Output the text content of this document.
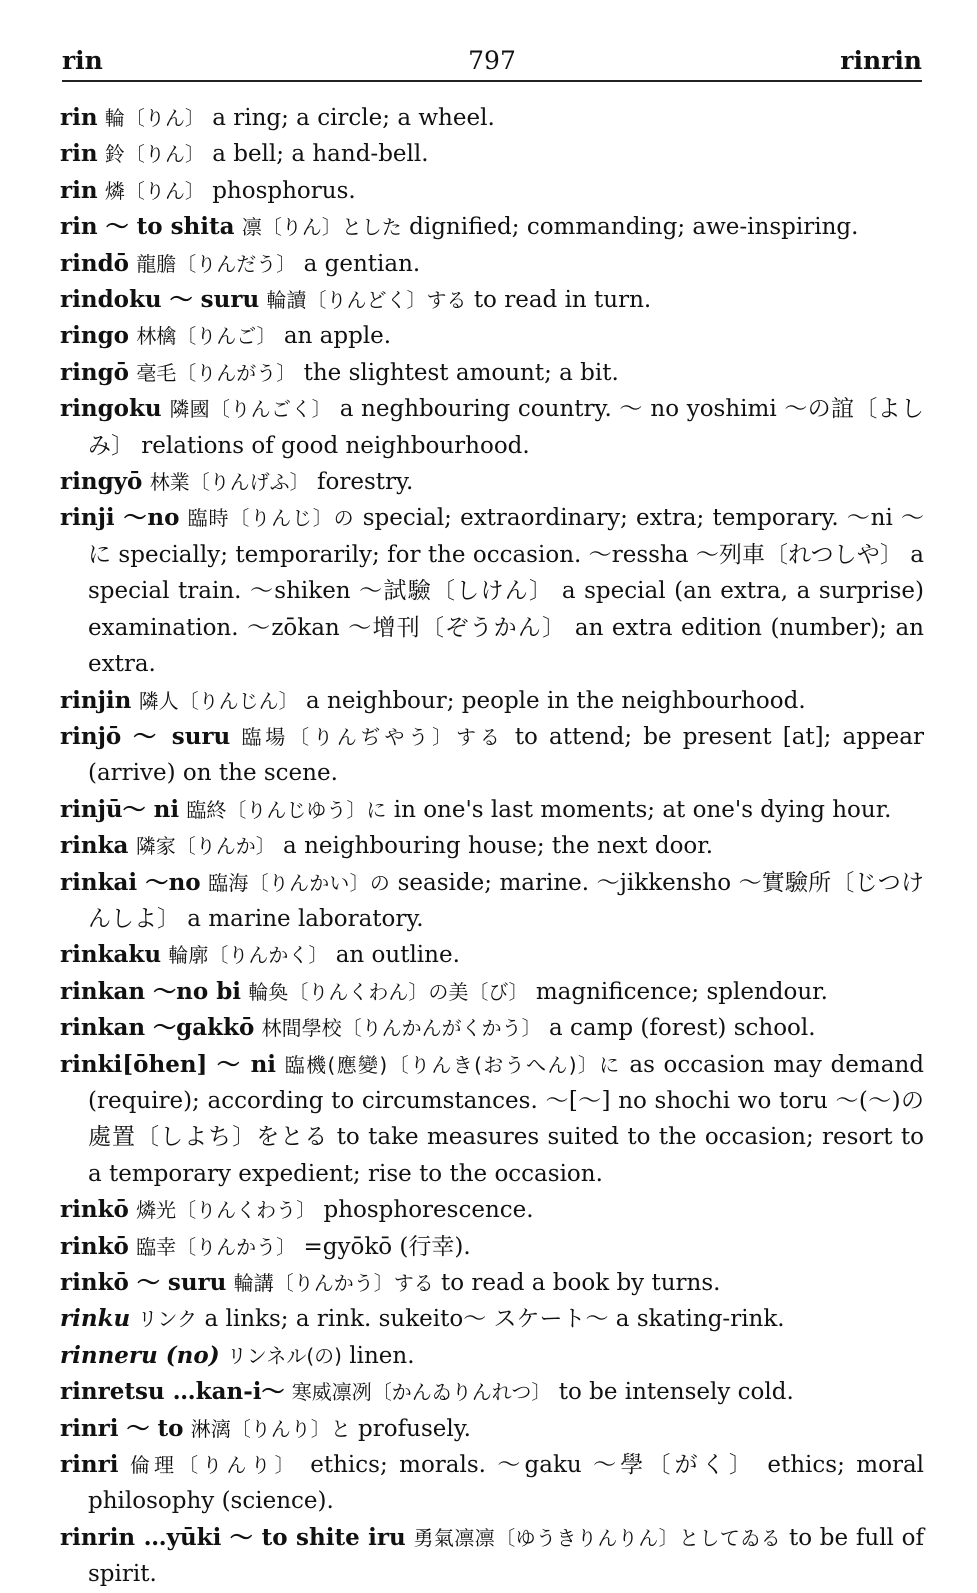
rin	797	rinrin
rin 輪〔りん〕 a ring; a circle; a wheel.
rin 鈴〔りん〕 a bell; a hand-bell.
rin 燐〔りん〕 phosphorus.
rin ～ to shita 凛〔りん〕とした dignified; commanding; awe-inspiring.
rindō 龍膽〔りんだう〕 a gentian.
rindoku ～ suru 輪讀〔りんどく〕する to read in turn.
ringo 林檎〔りんご〕 an apple.
ringō 毫毛〔りんがう〕 the slightest amount; a bit.
ringoku 隣國〔りんごく〕 a neghbouring country. ～ no yoshimi ～の誼〔よしみ〕 relations of good neighbourhood.
ringyō 林業〔りんげふ〕 forestry.
rinji ～no 臨時〔りんじ〕の special; extraordinary; extra; temporary. ～ni ～に specially; temporarily; for the occasion. ～ressha ～列車〔れつしや〕 a special train. ～shiken ～試驗〔しけん〕 a special (an extra, a surprise) examination. ～zōkan ～增刊〔ぞうかん〕 an extra edition (number); an extra.
rinjin 隣人〔りんじん〕 a neighbour; people in the neighbourhood.
rinjō ～ suru 臨場〔りんぢやう〕する to attend; be present [at]; appear (arrive) on the scene.
rinjū～ ni 臨終〔りんじゆう〕に in one's last moments; at one's dying hour.
rinka 隣家〔りんか〕 a neighbouring house; the next door.
rinkai ～no 臨海〔りんかい〕の seaside; marine. ～jikkensho ～實驗所〔じつけんしよ〕 a marine laboratory.
rinkaku 輪廓〔りんかく〕 an outline.
rinkan ～no bi 輪奐〔りんくわん〕の美〔び〕 magnificence; splendour.
rinkan ～gakkō 林間學校〔りんかんがくかう〕 a camp (forest) school.
rinki[ōhen] ～ ni 臨機(應變)〔りんき(おうへん)〕に as occasion may demand (require); according to circumstances. ～[～] no shochi wo toru ～(～)の處置〔しよち〕をとる to take measures suited to the occasion; resort to a temporary expedient; rise to the occasion.
rinkō 燐光〔りんくわう〕 phosphorescence.
rinkō 臨幸〔りんかう〕 =gyōkō (行幸).
rinkō ～ suru 輪講〔りんかう〕する to read a book by turns.
rinku リンク a links; a rink. sukeito～ スケート～ a skating-rink.
rinneru (no) リンネル(の) linen.
rinretsu …kan-i～ 寒威凛冽〔かんゐりんれつ〕 to be intensely cold.
rinri ～ to 淋漓〔りんり〕と profusely.
rinri 倫理〔りんり〕 ethics; morals. ～gaku ～學〔がく〕 ethics; moral philosophy (science).
rinrin …yūki ～ to shite iru 勇氣凛凛〔ゆうきりんりん〕としてゐる to be full of spirit.
